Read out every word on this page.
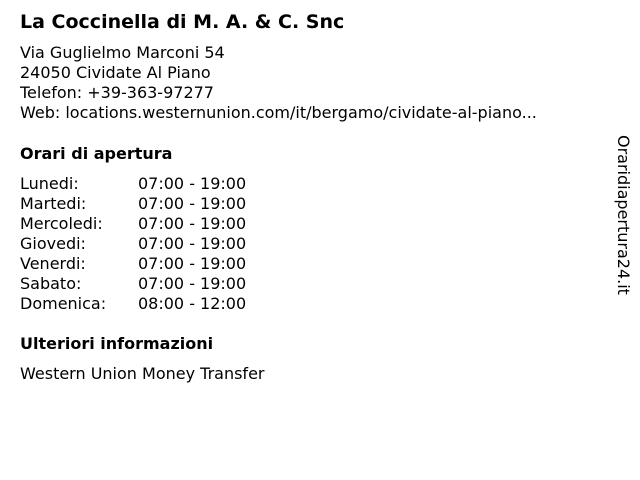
La Coccinella di M. A. & C. Snc
Via Guglielmo Marconi 54
24050 Cividate Al Piano
Telefon: +39-363-97277
Web: locations.westernunion.com/it/bergamo/cividate-al-piano...
Orari di apertura
Lunedi:	07:00 - 19:00
Martedi:	07:00 - 19:00
Mercoledi:	07:00 - 19:00
Giovedi:	07:00 - 19:00
Venerdi:	07:00 - 19:00
Sabato:	07:00 - 19:00
Domenica:	08:00 - 12:00
Ulteriori informazioni
Western Union Money Transfer
Oraridiapertura24.it
